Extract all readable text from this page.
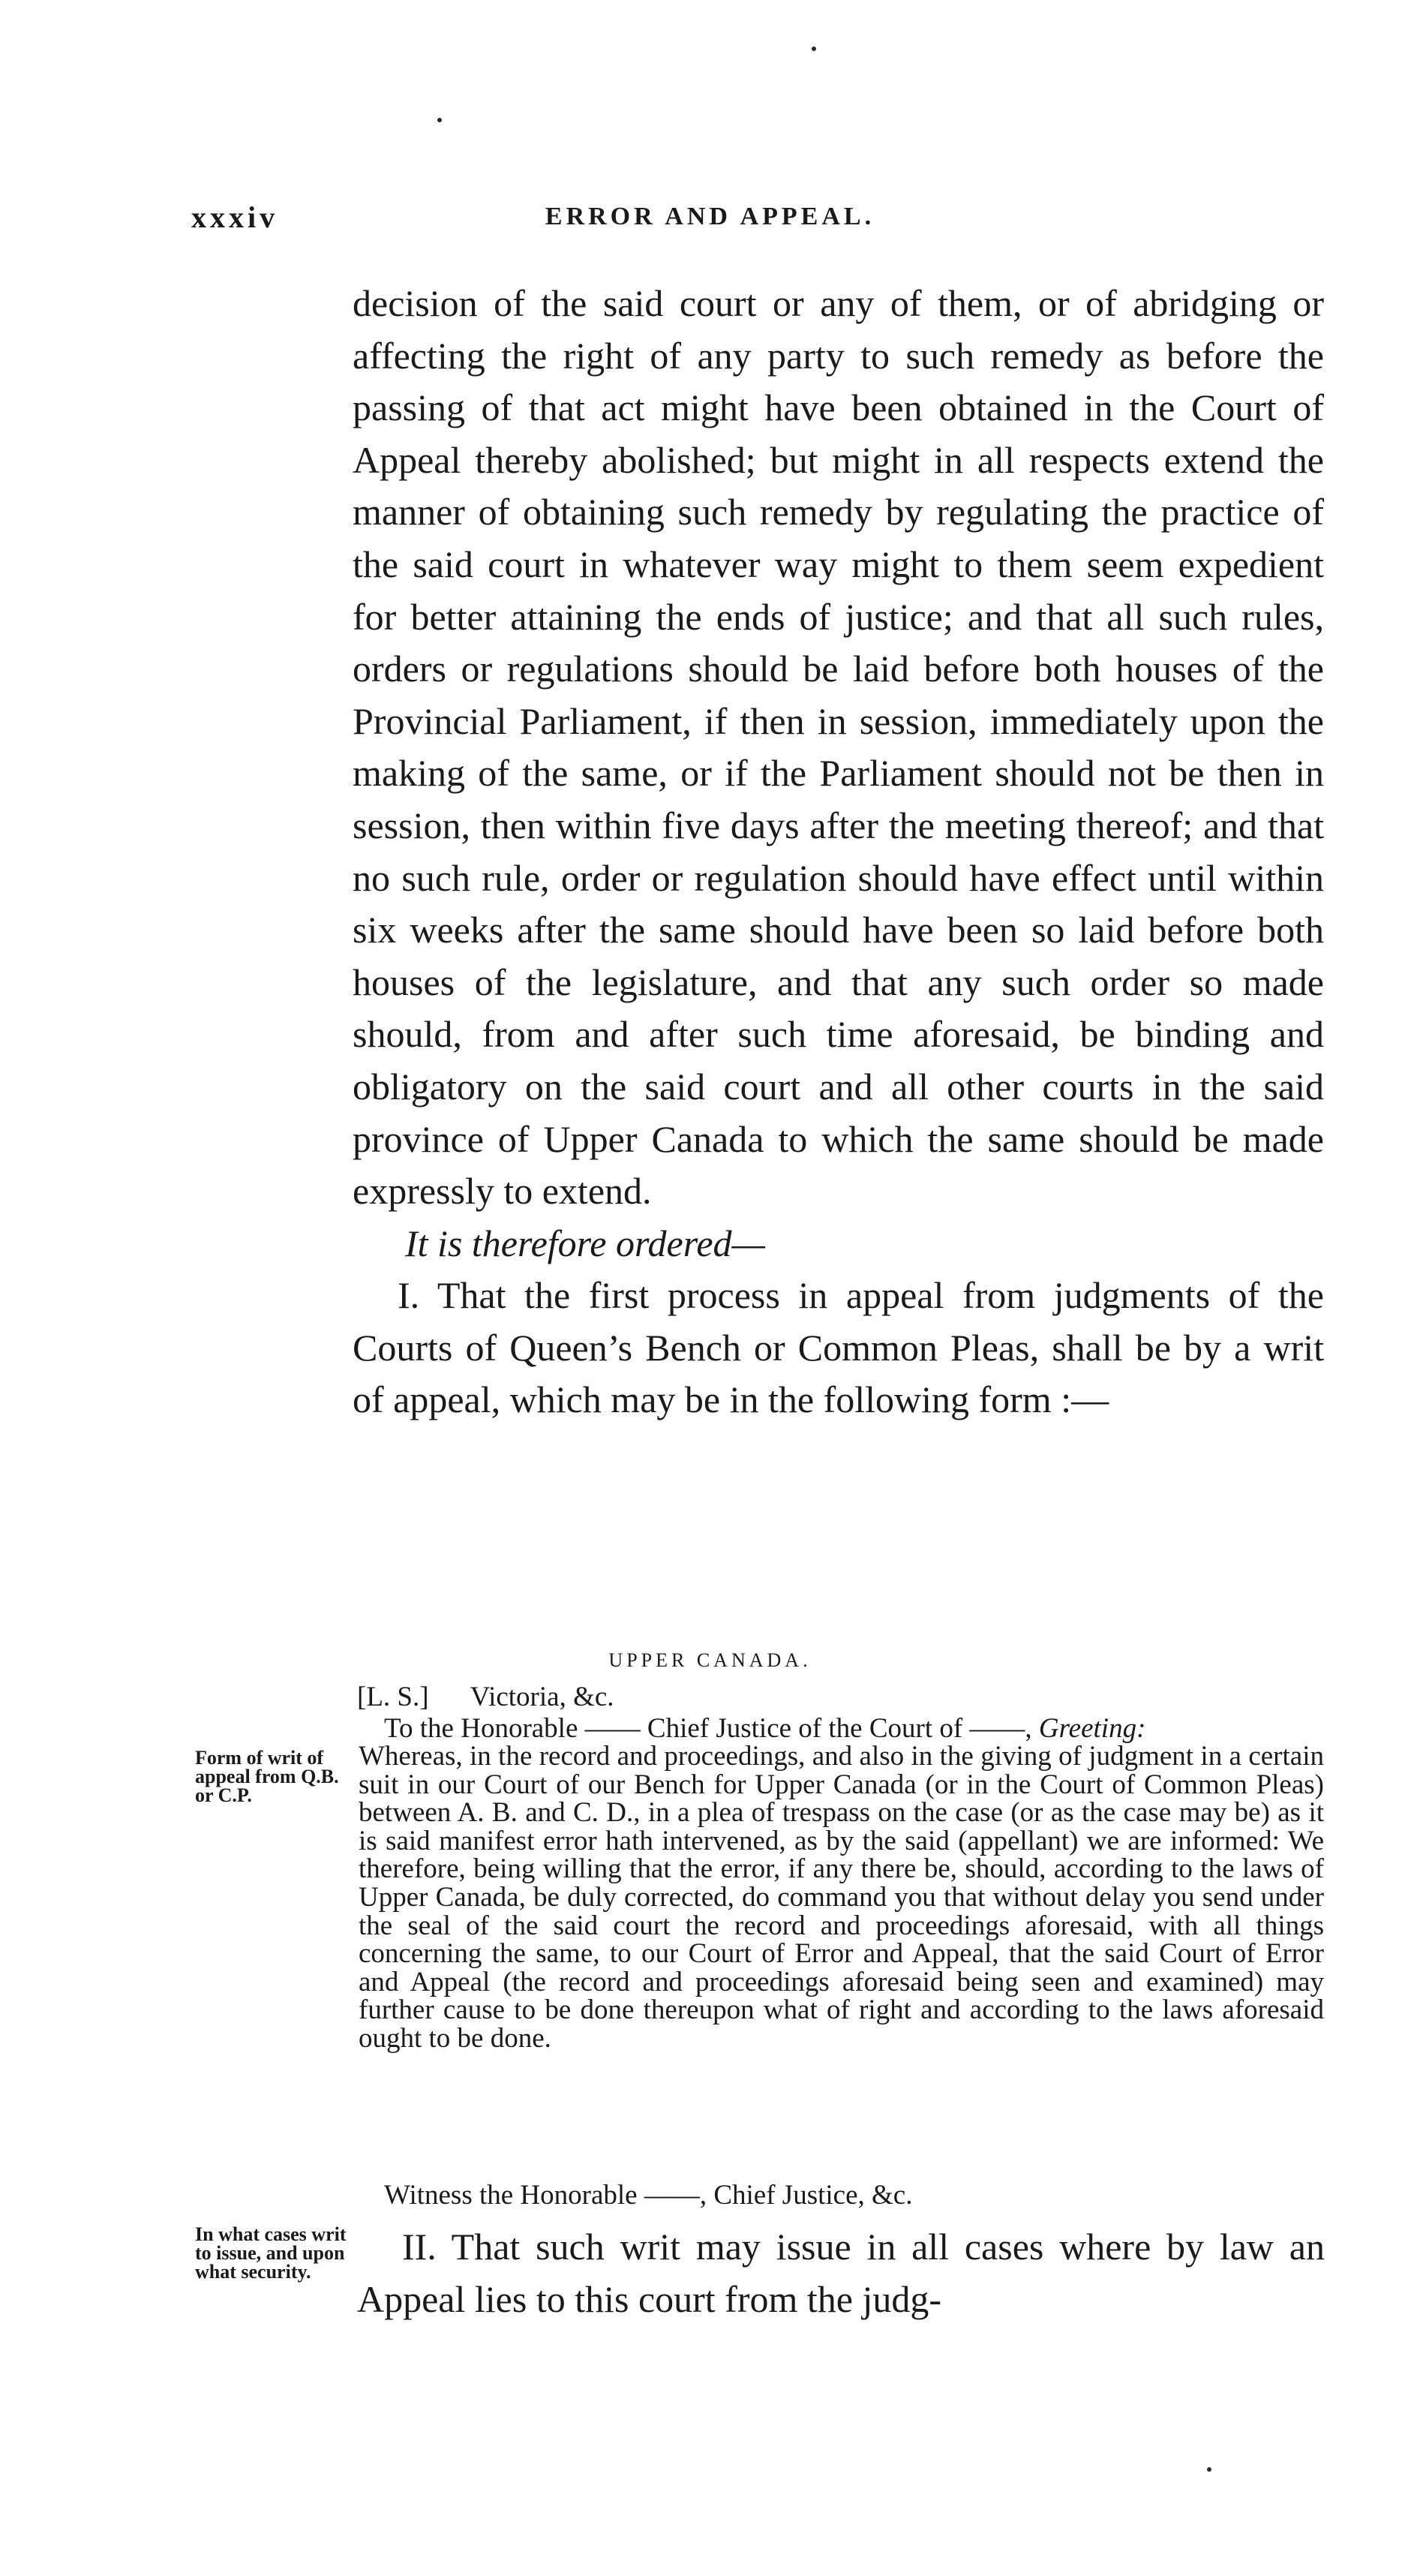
xxxiv	ERROR AND APPEAL.

decision of the said court or any of them, or of abridging or affecting the right of any party to such remedy as before the passing of that act might have been obtained in the Court of Appeal thereby abolished; but might in all respects extend the manner of obtaining such remedy by regulating the practice of the said court in whatever way might to them seem expedient for better attaining the ends of justice; and that all such rules, orders or regulations should be laid before both houses of the Provincial Parliament, if then in session, immediately upon the making of the same, or if the Parliament should not be then in session, then within five days after the meeting thereof; and that no such rule, order or regulation should have effect until within six weeks after the same should have been so laid before both houses of the legislature, and that any such order so made should, from and after such time aforesaid, be binding and obligatory on the said court and all other courts in the said province of Upper Canada to which the same should be made expressly to extend.

It is therefore ordered—

I. That the first process in appeal from judgments of the Courts of Queen’s Bench or Common Pleas, shall be by a writ of appeal, which may be in the following form :—

UPPER CANADA.
[L. S.] Victoria, &c.

To the Honorable —— Chief Justice of the Court of ——, Greeting:

Form of writ of appeal from Q.B. or C.P.

Whereas, in the record and proceedings, and also in the giving of judgment in a certain suit in our Court of our Bench for Upper Canada (or in the Court of Common Pleas) between A. B. and C. D., in a plea of trespass on the case (or as the case may be) as it is said manifest error hath intervened, as by the said (appellant) we are informed: We therefore, being willing that the error, if any there be, should, according to the laws of Upper Canada, be duly corrected, do command you that without delay you send under the seal of the said court the record and proceedings aforesaid, with all things concerning the same, to our Court of Error and Appeal, that the said Court of Error and Appeal (the record and proceedings aforesaid being seen and examined) may further cause to be done thereupon what of right and according to the laws aforesaid ought to be done.

Witness the Honorable ——, Chief Justice, &c.

In what cases writ to issue, and upon what security.

II. That such writ may issue in all cases where by law an Appeal lies to this court from the judg-
